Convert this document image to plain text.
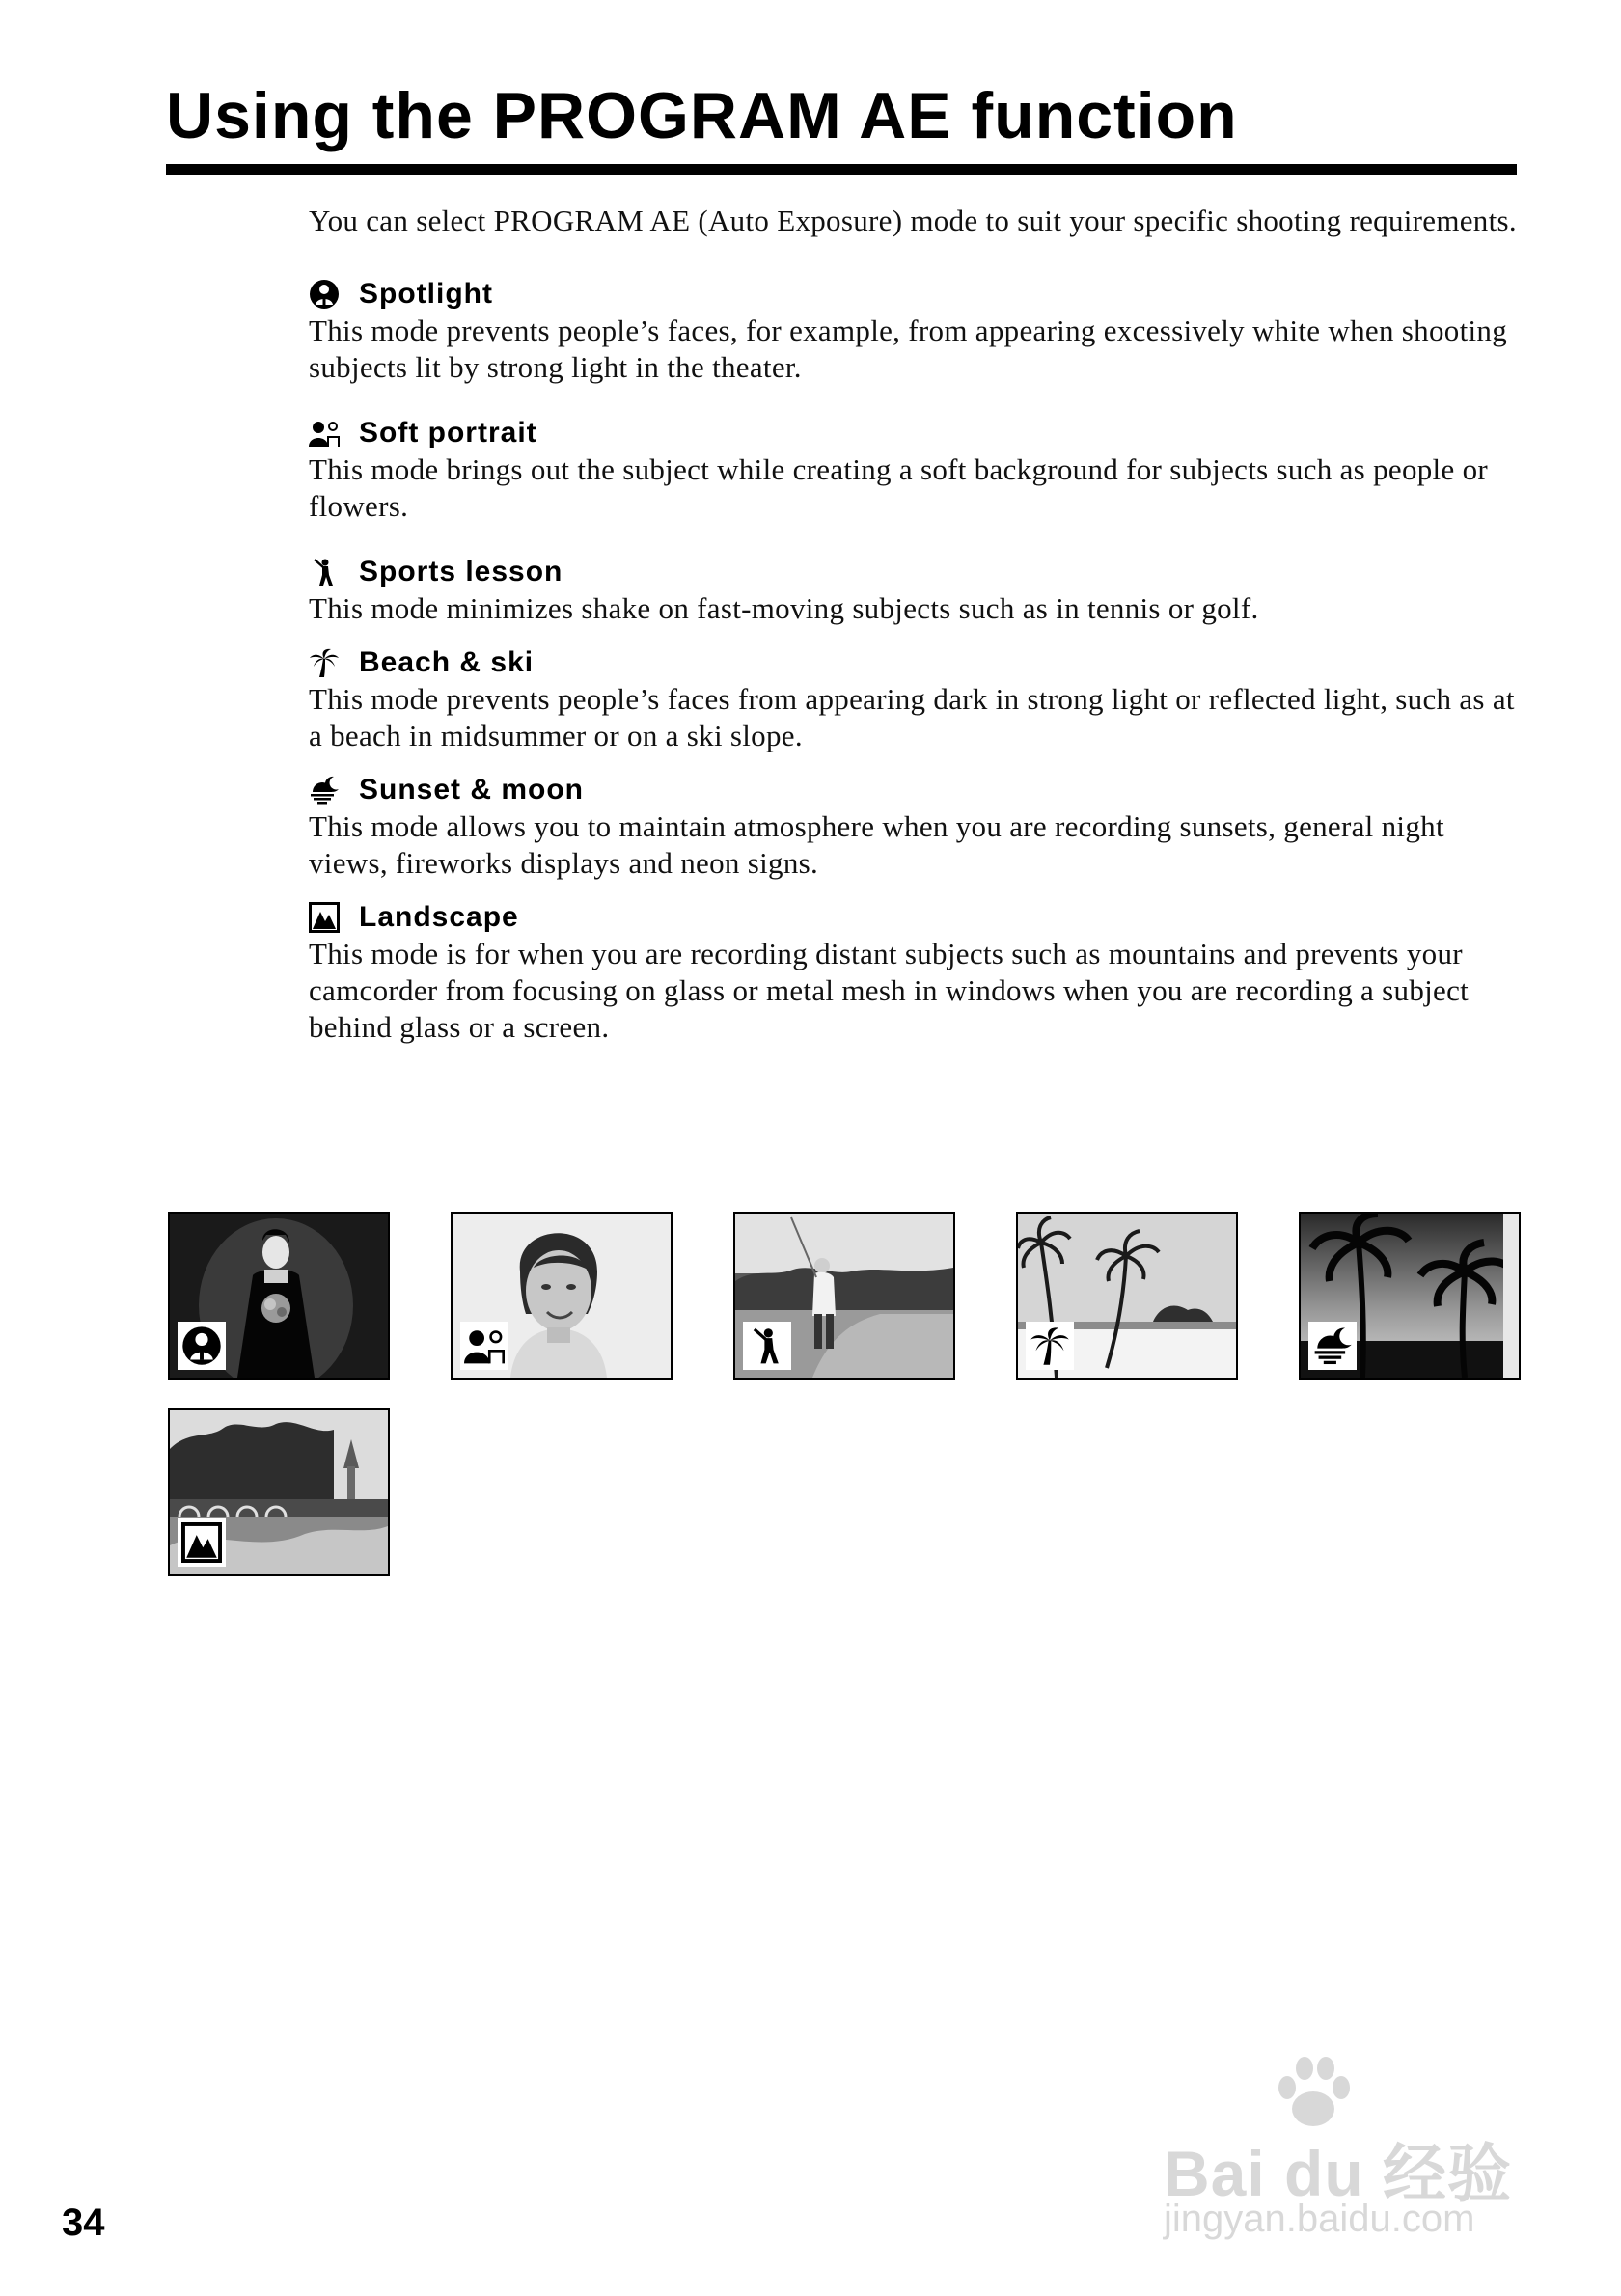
Using the PROGRAM AE function

You can select PROGRAM AE (Auto Exposure) mode to suit your specific shooting requirements.

Spotlight

This mode prevents people’s faces, for example, from appearing excessively white when shooting subjects lit by strong light in the theater.

Soft portrait

This mode brings out the subject while creating a soft background for subjects such as people or flowers.

Sports lesson

This mode minimizes shake on fast-moving subjects such as in tennis or golf.

Beach & ski

This mode prevents people’s faces from appearing dark in strong light or reflected light, such as at a beach in midsummer or on a ski slope.

Sunset & moon

This mode allows you to maintain atmosphere when you are recording sunsets, general night views, fireworks displays and neon signs.

Landscape

This mode is for when you are recording distant subjects such as mountains and prevents your camcorder from focusing on glass or metal mesh in windows when you are recording a subject behind glass or a screen.

Bai du 经验
jingyan.baidu.com
34
